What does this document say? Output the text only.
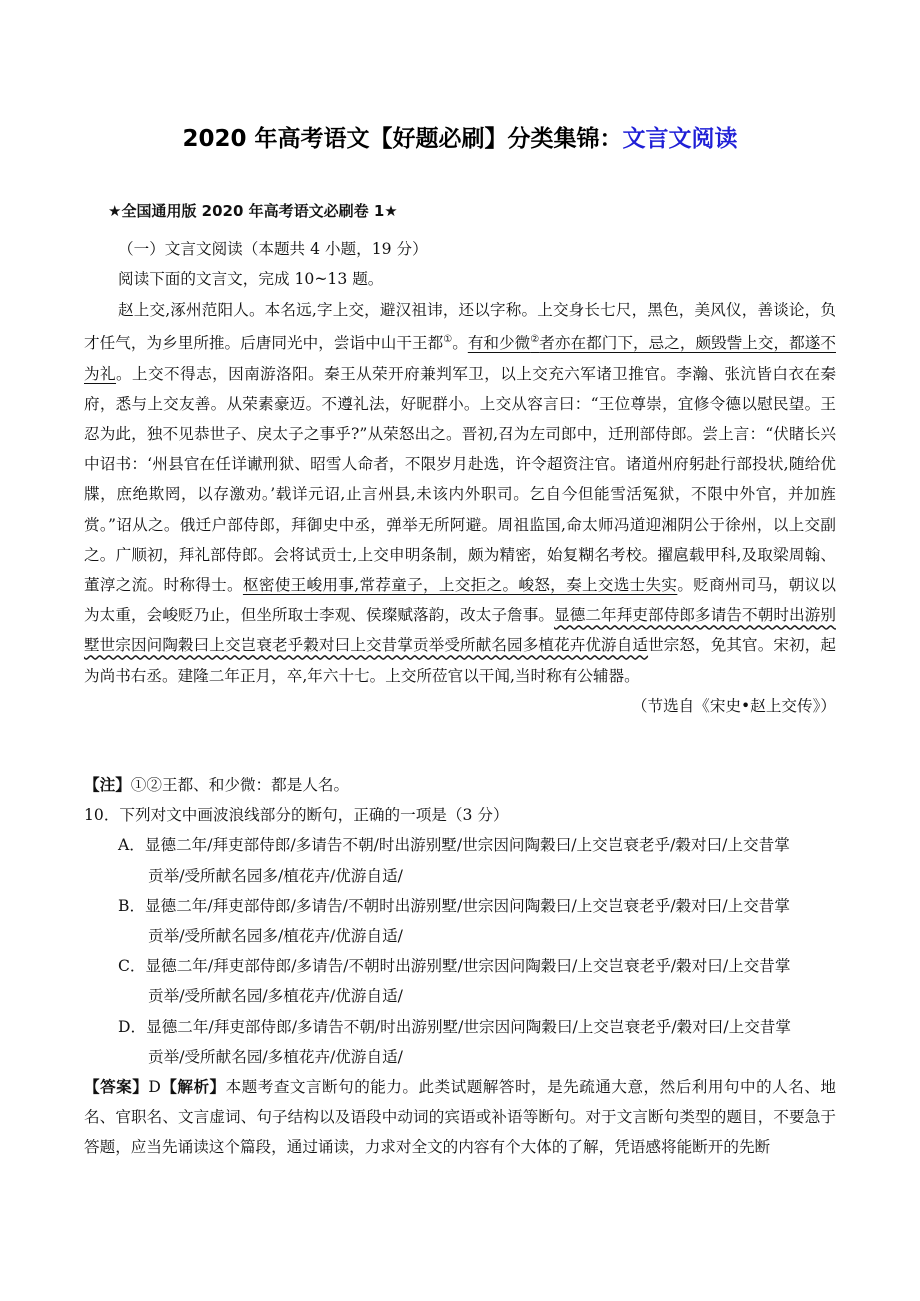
2020 年高考语文【好题必刷】分类集锦：文言文阅读
★全国通用版 2020 年高考语文必刷卷 1★

（一）文言文阅读（本题共 4 小题，19 分）

阅读下面的文言文，完成 10~13 题。

赵上交,涿州范阳人。本名远,字上交，避汉祖讳，还以字称。上交身长七尺，黑色，美风仪，善谈论，负才任气，为乡里所推。后唐同光中，尝诣中山干王都①。有和少微②者亦在都门下，忌之，颇毁訾上交，都遂不为礼。上交不得志，因南游洛阳。秦王从荣开府兼判军卫，以上交充六军诸卫推官。李瀚、张沆皆白衣在秦府，悉与上交友善。从荣素豪迈。不遵礼法，好昵群小。上交从容言曰：“王位尊崇，宜修令德以慰民望。王忍为此，独不见恭世子、戾太子之事乎?”从荣怒出之。晋初,召为左司郎中，迁刑部侍郎。尝上言：“伏睹长兴中诏书：‘州县官在任详谳刑狱、昭雪人命者，不限岁月赴选，许令超资注官。诸道州府躬赴行部投状,随给优牒，庶绝欺罔，以存激劝。’载详元诏,止言州县,未该内外职司。乞自今但能雪活冤狱，不限中外官，并加旌赏。”诏从之。俄迁户部侍郎，拜御史中丞，弹举无所阿避。周祖监国,命太师冯道迎湘阴公于徐州，以上交副之。广顺初，拜礼部侍郎。会将试贡士,上交申明条制，颇为精密，始复糊名考校。擢扈载甲科,及取梁周翰、董淳之流。时称得士。枢密使王峻用事,常荐童子，上交拒之。峻怒，奏上交选士失实。贬商州司马，朝议以为太重，会峻贬乃止，但坐所取士李观、侯璨赋落韵，改太子詹事。显德二年拜吏部侍郎多请告不朝时出游别墅世宗因问陶穀曰上交岂衰老乎穀对曰上交昔掌贡举受所献名园多植花卉优游自适世宗怒，免其官。宋初，起为尚书右丞。建隆二年正月，卒,年六十七。上交所莅官以干闻,当时称有公辅器。

（节选自《宋史•赵上交传》）

【注】①②王都、和少微：都是人名。

10．下列对文中画波浪线部分的断句，正确的一项是（3 分）

A．显德二年/拜吏部侍郎/多请告不朝/时出游别墅/世宗因问陶穀曰/上交岂衰老乎/穀对曰/上交昔掌

贡举/受所献名园多/植花卉/优游自适/

B．显德二年/拜吏部侍郎/多请告/不朝时出游别墅/世宗因问陶穀曰/上交岂衰老乎/穀对曰/上交昔掌

贡举/受所献名园多/植花卉/优游自适/

C．显德二年/拜吏部侍郎/多请告/不朝时出游别墅/世宗因问陶穀曰/上交岂衰老乎/穀对曰/上交昔掌

贡举/受所献名园/多植花卉/优游自适/

D．显德二年/拜吏部侍郎/多请告不朝/时出游别墅/世宗因问陶穀曰/上交岂衰老乎/穀对曰/上交昔掌

贡举/受所献名园/多植花卉/优游自适/

【答案】D【解析】本题考查文言断句的能力。此类试题解答时，是先疏通大意，然后利用句中的人名、地名、官职名、文言虚词、句子结构以及语段中动词的宾语或补语等断句。对于文言断句类型的题目，不要急于答题，应当先诵读这个篇段，通过诵读，力求对全文的内容有个大体的了解，凭语感将能断开的先断
